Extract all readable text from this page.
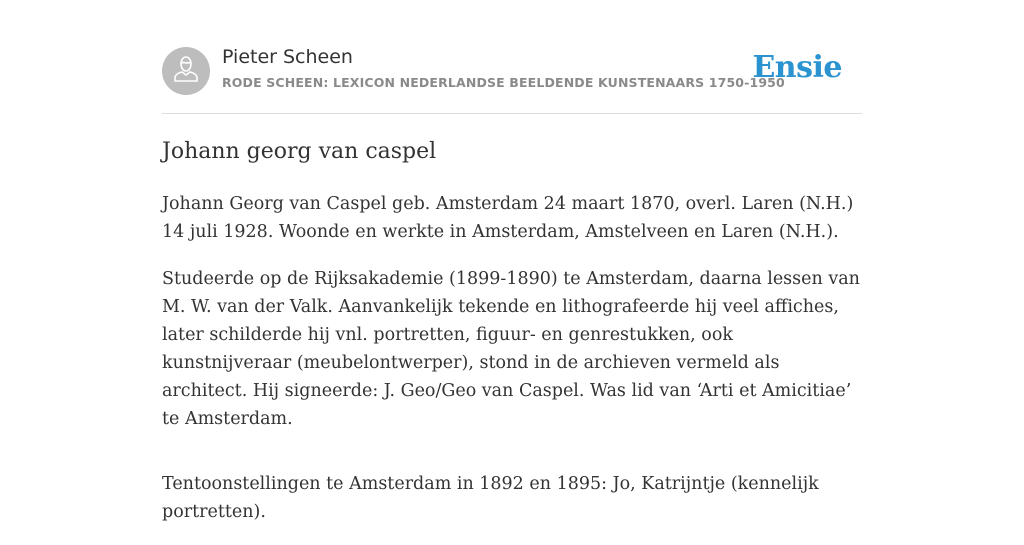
Pieter Scheen
RODE SCHEEN: LEXICON NEDERLANDSE BEELDENDE KUNSTENAARS 1750-1950
Ensie
Johann georg van caspel

Johann Georg van Caspel geb. Amsterdam 24 maart 1870, overl. Laren (N.H.) 14 juli 1928. Woonde en werkte in Amsterdam, Amstelveen en Laren (N.H.).

Studeerde op de Rijksakademie (1899-1890) te Amsterdam, daarna lessen van M. W. van der Valk. Aanvankelijk tekende en lithografeerde hij veel affiches, later schilderde hij vnl. portretten, figuur- en genrestukken, ook kunstnijveraar (meubelontwerper), stond in de archieven vermeld als architect. Hij signeerde: J. Geo/Geo van Caspel. Was lid van ‘Arti et Amicitiae’ te Amsterdam.

Tentoonstellingen te Amsterdam in 1892 en 1895: Jo, Katrijntje (kennelijk portretten).
